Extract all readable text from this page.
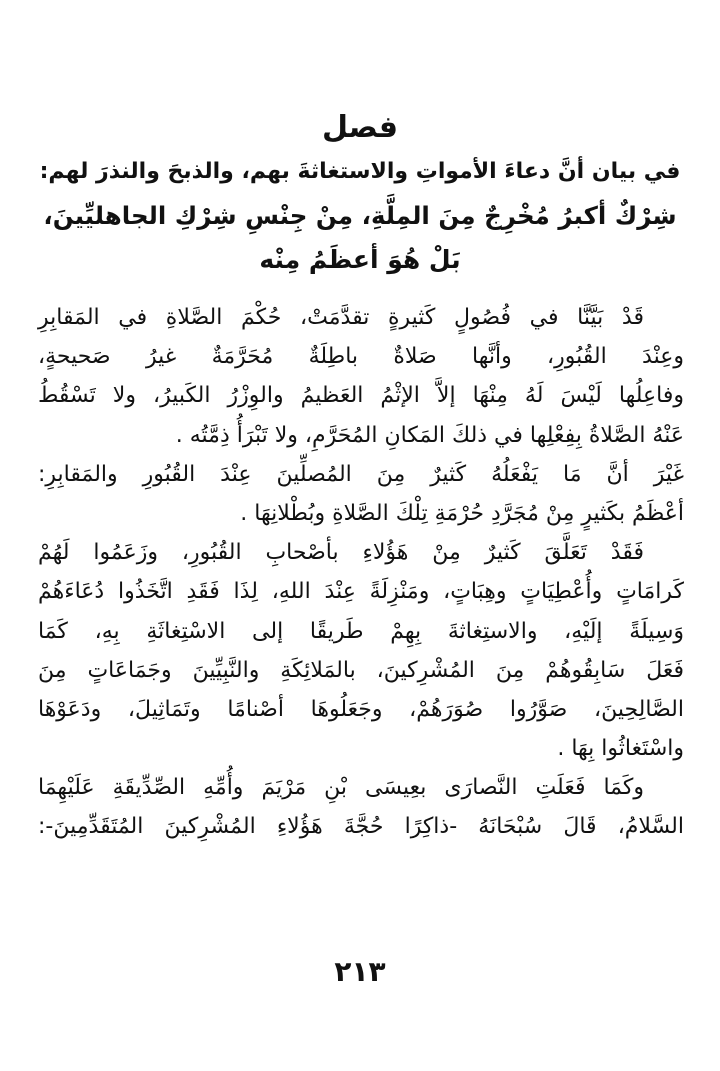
فصل
في بيان أنَّ دعاءَ الأمواتِ والاستغاثةَ بهم، والذبحَ والنذرَ لهم:
شِرْكٌ أكبرُ مُخْرِجٌ مِنَ المِلَّةِ، مِنْ جِنْسِ شِرْكِ الجاهليِّينَ،
بَلْ هُوَ أعظَمُ مِنْه
قَدْ بَيَّنَّا في فُصُولٍ كَثيرةٍ تقدَّمَتْ، حُكْمَ الصَّلاةِ في المَقابِرِ
وعِنْدَ القُبُورِ، وأنَّها صَلاةٌ باطِلَةٌ مُحَرَّمَةٌ غيرُ صَحيحةٍ،
وفاعِلُها لَيْسَ لَهُ مِنْهَا إلاَّ الإثْمُ العَظيمُ والوِزْرُ الكَبيرُ، ولا تَسْقُطُ
عَنْهُ الصَّلاةُ بِفِعْلِها في ذلكَ المَكانِ المُحَرَّمِ، ولا تَبْرَأُ ذِمَّتُه .
غَيْرَ أنَّ مَا يَفْعَلُهُ كَثيرٌ مِنَ المُصلِّينَ عِنْدَ القُبُورِ والمَقابِرِ:
أعْظَمُ بكَثيرٍ مِنْ مُجَرَّدِ حُرْمَةِ تِلْكَ الصَّلاةِ وبُطْلانِهَا .
فَقَدْ تَعَلَّقَ كَثيرٌ مِنْ هَؤُلاءِ بأصْحابِ القُبُورِ، وزَعَمُوا لَهُمْ
كَرامَاتٍ وأُعْطِيَاتٍ وهِبَاتٍ، ومَنْزِلَةً عِنْدَ اللهِ، لِذَا فَقَدِ اتَّخَذُوا دُعَاءَهُمْ
وَسِيلَةً إلَيْهِ، والاستِغاثةَ بِهِمْ طَريقًا إلى الاسْتِغاثَةِ بِهِ، كَمَا
فَعَلَ سَابِقُوهُمْ مِنَ المُشْرِكينَ، بالمَلائِكَةِ والنَّبِيِّينَ وجَمَاعَاتٍ مِنَ
الصَّالِحِينَ، صَوَّرُوا صُوَرَهُمْ، وجَعَلُوهَا أصْنامًا وتَمَاثِيلَ، ودَعَوْهَا
واسْتَغاثُوا بِهَا .
وكَمَا فَعَلَتِ النَّصارَى بعِيسَى بْنِ مَرْيَمَ وأُمِّهِ الصِّدِّيقَةِ عَلَيْهِمَا
السَّلامُ، قَالَ سُبْحَانَهُ -ذاكِرًا حُجَّةَ هَؤُلاءِ المُشْرِكينَ المُتَقَدِّمِينَ-:
٢١٣
